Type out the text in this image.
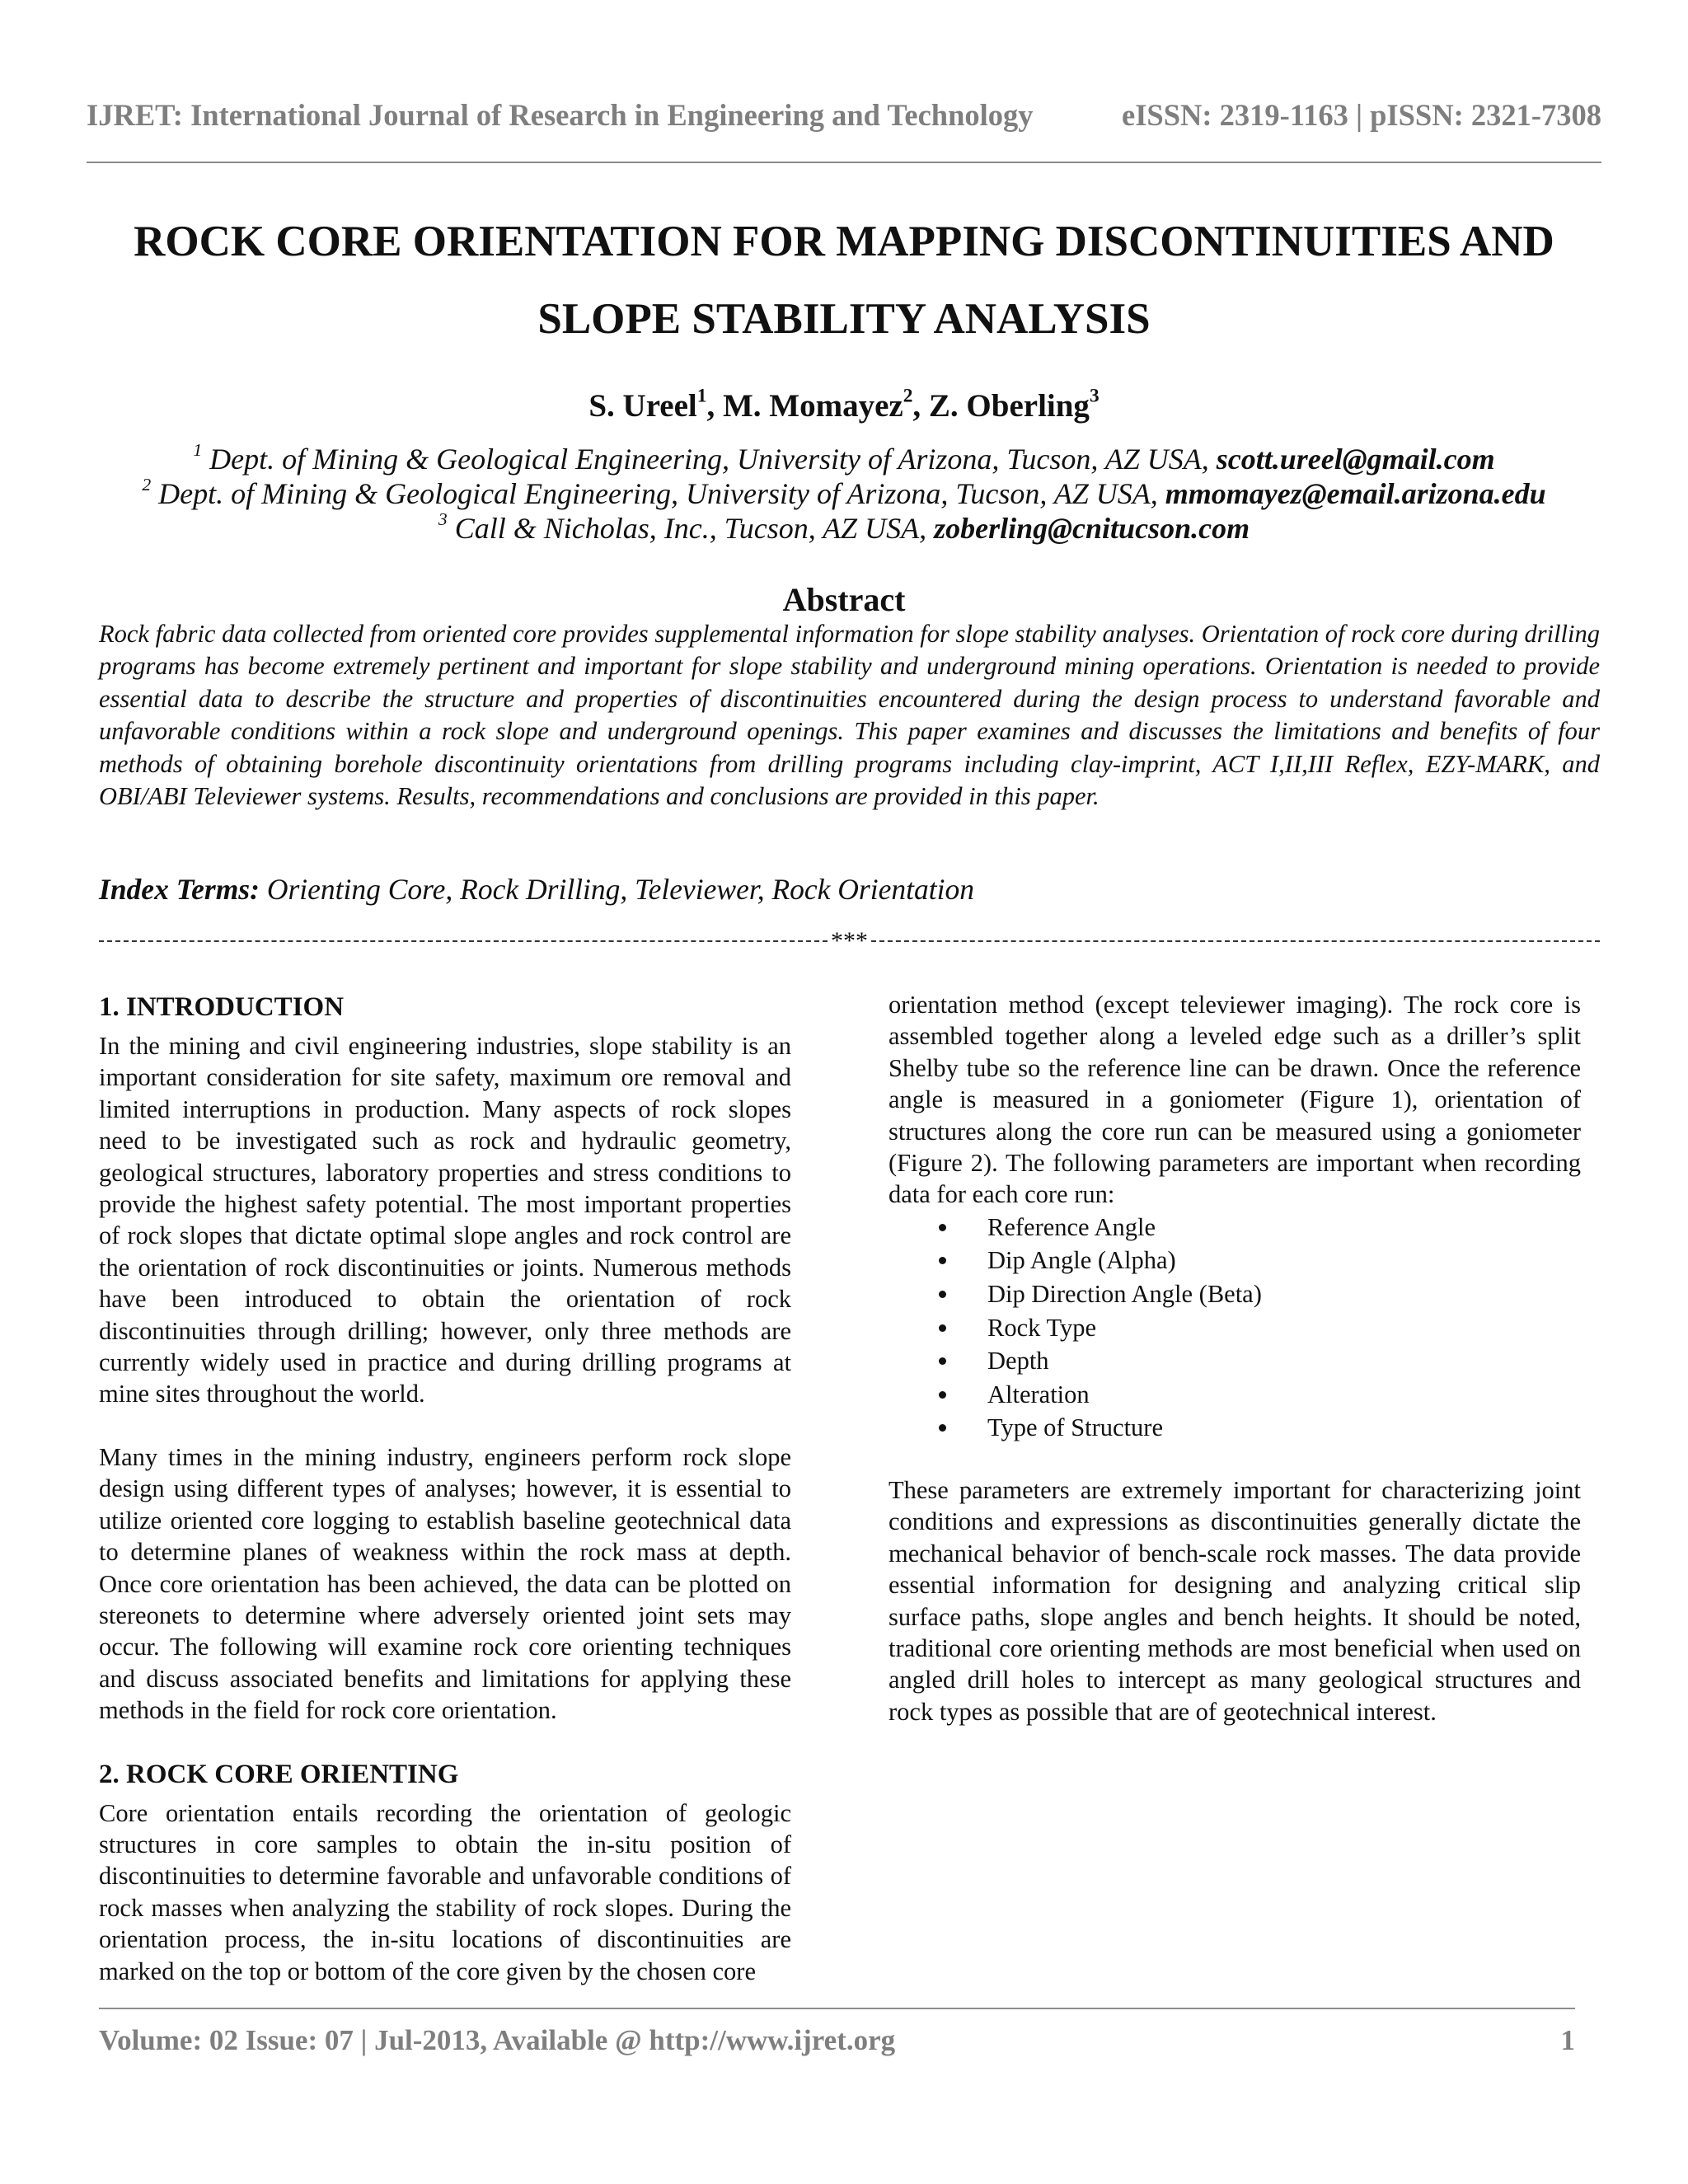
IJRET: International Journal of Research in Engineering and Technology	eISSN: 2319-1163 | pISSN: 2321-7308
ROCK CORE ORIENTATION FOR MAPPING DISCONTINUITIES AND
SLOPE STABILITY ANALYSIS
S. Ureel$^1$, M. Momayez$^2$, Z. Oberling$^3$
$^1$ Dept. of Mining & Geological Engineering, University of Arizona, Tucson, AZ USA, scott.ureel@gmail.com
$^2$ Dept. of Mining & Geological Engineering, University of Arizona, Tucson, AZ USA, mmomayez@email.arizona.edu
$^3$ Call & Nicholas, Inc., Tucson, AZ USA, zoberling@cnitucson.com
Abstract
Rock fabric data collected from oriented core provides supplemental information for slope stability analyses. Orientation of rock core during drilling programs has become extremely pertinent and important for slope stability and underground mining operations. Orientation is needed to provide essential data to describe the structure and properties of discontinuities encountered during the design process to understand favorable and unfavorable conditions within a rock slope and underground openings. This paper examines and discusses the limitations and benefits of four methods of obtaining borehole discontinuity orientations from drilling programs including clay-imprint, ACT I,II,III Reflex, EZY-MARK, and OBI/ABI Televiewer systems. Results, recommendations and conclusions are provided in this paper.
Index Terms: Orienting Core, Rock Drilling, Televiewer, Rock Orientation
***
1. INTRODUCTION

In the mining and civil engineering industries, slope stability is an important consideration for site safety, maximum ore removal and limited interruptions in production. Many aspects of rock slopes need to be investigated such as rock and hydraulic geometry, geological structures, laboratory properties and stress conditions to provide the highest safety potential. The most important properties of rock slopes that dictate optimal slope angles and rock control are the orientation of rock discontinuities or joints. Numerous methods have been introduced to obtain the orientation of rock discontinuities through drilling; however, only three methods are currently widely used in practice and during drilling programs at mine sites throughout the world.

Many times in the mining industry, engineers perform rock slope design using different types of analyses; however, it is essential to utilize oriented core logging to establish baseline geotechnical data to determine planes of weakness within the rock mass at depth. Once core orientation has been achieved, the data can be plotted on stereonets to determine where adversely oriented joint sets may occur. The following will examine rock core orienting techniques and discuss associated benefits and limitations for applying these methods in the field for rock core orientation.

2. ROCK CORE ORIENTING

Core orientation entails recording the orientation of geologic structures in core samples to obtain the in-situ position of discontinuities to determine favorable and unfavorable conditions of rock masses when analyzing the stability of rock slopes. During the orientation process, the in-situ locations of discontinuities are marked on the top or bottom of the core given by the chosen core

orientation method (except televiewer imaging). The rock core is assembled together along a leveled edge such as a driller’s split Shelby tube so the reference line can be drawn. Once the reference angle is measured in a goniometer (Figure 1), orientation of structures along the core run can be measured using a goniometer (Figure 2). The following parameters are important when recording data for each core run:

Reference Angle
Dip Angle (Alpha)
Dip Direction Angle (Beta)
Rock Type
Depth
Alteration
Type of Structure

These parameters are extremely important for characterizing joint conditions and expressions as discontinuities generally dictate the mechanical behavior of bench-scale rock masses. The data provide essential information for designing and analyzing critical slip surface paths, slope angles and bench heights. It should be noted, traditional core orienting methods are most beneficial when used on angled drill holes to intercept as many geological structures and rock types as possible that are of geotechnical interest.

Volume: 02 Issue: 07 | Jul-2013, Available @ http://www.ijret.org	1
